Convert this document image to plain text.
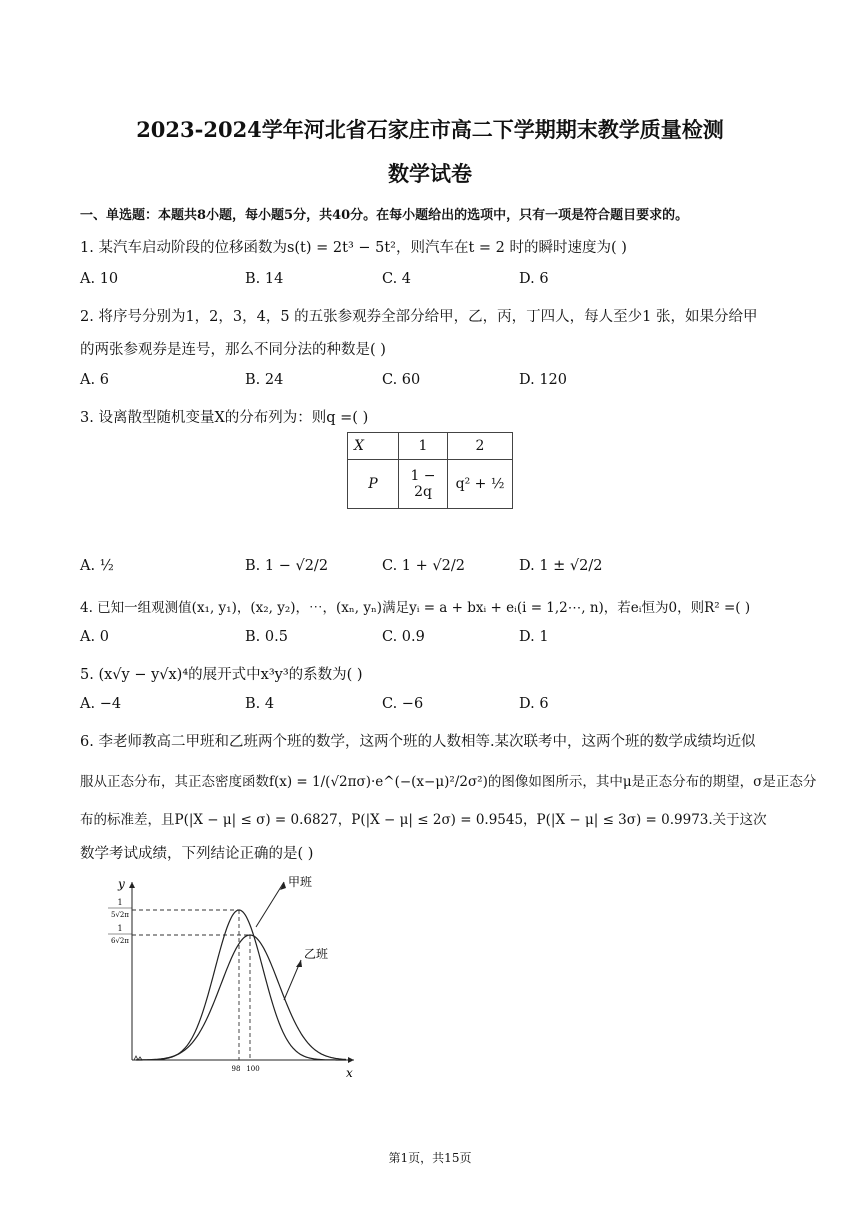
2023-2024学年河北省石家庄市高二下学期期末教学质量检测
数学试卷
一、单选题：本题共8小题，每小题5分，共40分。在每小题给出的选项中，只有一项是符合题目要求的。
1. 某汽车启动阶段的位移函数为s(t) = 2t³ − 5t²，则汽车在t = 2 时的瞬时速度为( )
A. 10	B. 14	C. 4	D. 6
2. 将序号分别为1，2，3，4，5 的五张参观券全部分给甲，乙，丙，丁四人，每人至少1 张，如果分给甲
的两张参观券是连号，那么不同分法的种数是( )
A. 6	B. 24	C. 60	D. 120
3. 设离散型随机变量X的分布列为：则q =( )
X	1	2
P	1 − 2q	q² + ½
A. ½	B. 1 − √2/2	C. 1 + √2/2	D. 1 ± √2/2
4. 已知一组观测值(x₁, y₁)，(x₂, y₂)，⋯，(xₙ, yₙ)满足yᵢ = a + bxᵢ + eᵢ(i = 1,2⋯, n)，若eᵢ恒为0，则R² =( )
A. 0	B. 0.5	C. 0.9	D. 1
5. (x√y − y√x)⁴的展开式中x³y³的系数为( )
A. −4	B. 4	C. −6	D. 6
6. 李老师教高二甲班和乙班两个班的数学，这两个班的人数相等.某次联考中，这两个班的数学成绩均近似
服从正态分布，其正态密度函数f(x) = 1/(√2πσ)·e^(−(x−μ)²/2σ²)的图像如图所示，其中μ是正态分布的期望，σ是正态分
布的标准差，且P(|X − μ| ≤ σ) = 0.6827，P(|X − μ| ≤ 2σ) = 0.9545，P(|X − μ| ≤ 3σ) = 0.9973.关于这次
数学考试成绩，下列结论正确的是( )
y
x
甲班
乙班
1
5√2π
1
6√2π
98 100
第1页，共15页
